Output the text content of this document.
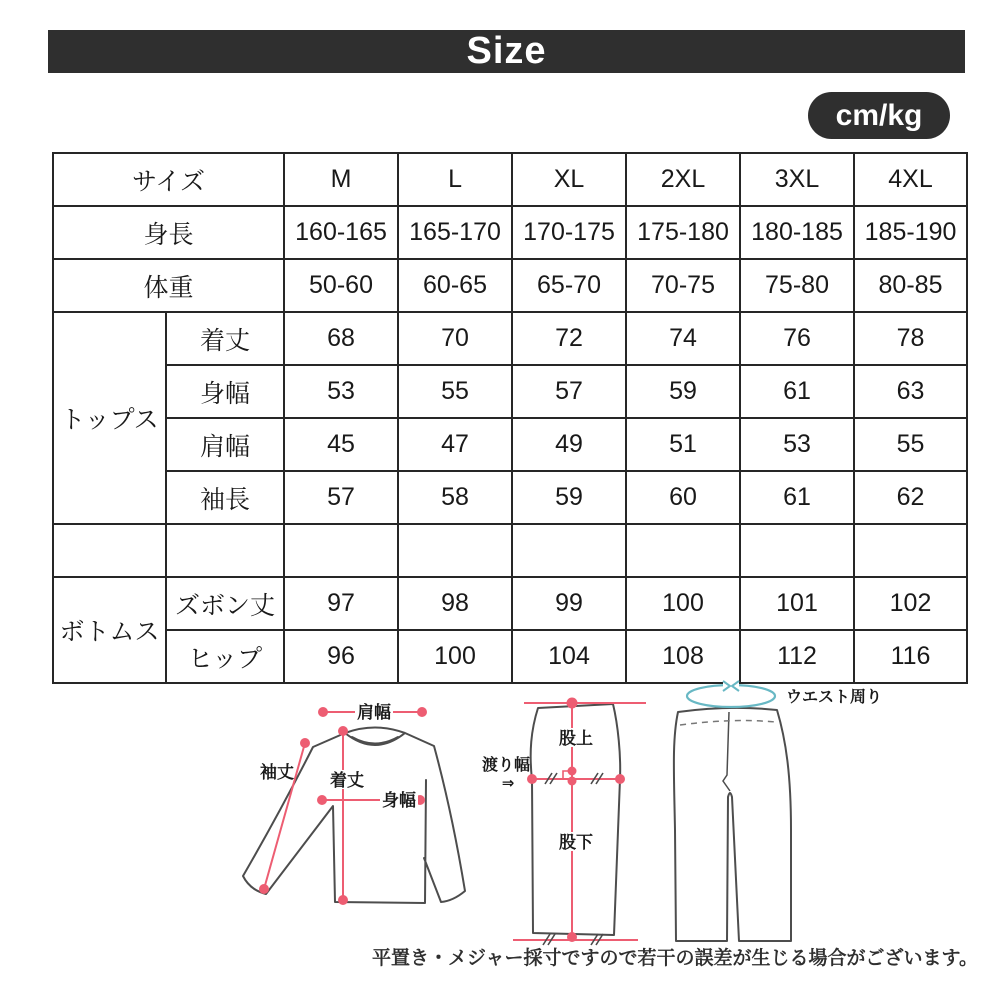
Size
cm/kg
サイズ		M	L	XL	2XL	3XL	4XL
身長		160-165	165-170	170-175	175-180	180-185	185-190
体重		50-60	60-65	65-70	70-75	75-80	80-85
トップス	着丈	68	70	72	74	76	78
	身幅	53	55	57	59	61	63
	肩幅	45	47	49	51	53	55
	袖長	57	58	59	60	61	62

ボトムス	ズボン丈	97	98	99	100	101	102
	ヒップ	96	100	104	108	112	116
肩幅
袖丈 着丈
身幅
股上
股下
渡り幅
⇒
ウエスト周り
平置き・メジャー採寸ですので若干の誤差が生じる場合がございます。
